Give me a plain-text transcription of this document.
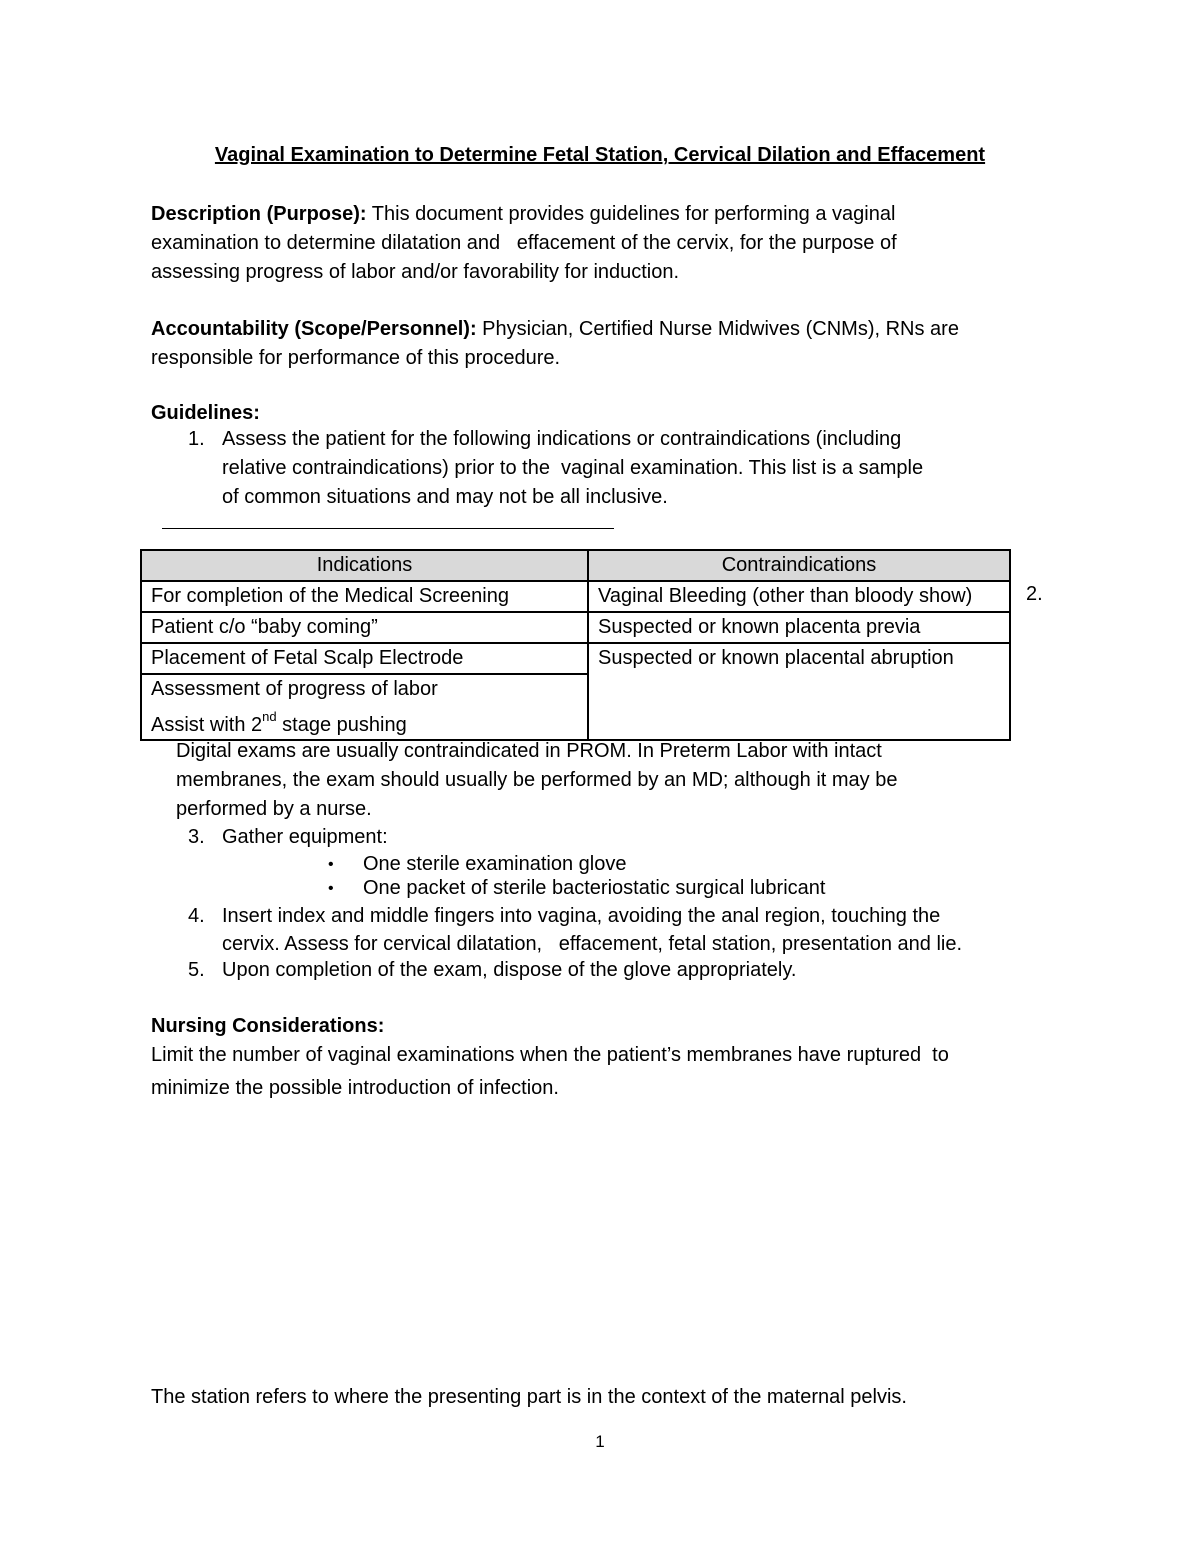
Vaginal Examination to Determine Fetal Station, Cervical Dilation and Effacement
Description (Purpose): This document provides guidelines for performing a vaginal
examination to determine dilatation and   effacement of the cervix, for the purpose of
assessing progress of labor and/or favorability for induction.
Accountability (Scope/Personnel): Physician, Certified Nurse Midwives (CNMs), RNs are
responsible for performance of this procedure.
Guidelines:
1. Assess the patient for the following indications or contraindications (including
relative contraindications) prior to the  vaginal examination. This list is a sample
of common situations and may not be all inclusive.
Indications	Contraindications
For completion of the Medical Screening	Vaginal Bleeding (other than bloody show)
Patient c/o “baby coming”	Suspected or known placenta previa
Placement of Fetal Scalp Electrode	Suspected or known placental abruption

Assessment of progress of labor
Assist with 2nd stage pushing	
2.
Digital exams are usually contraindicated in PROM. In Preterm Labor with intact
membranes, the exam should usually be performed by an MD; although it may be
performed by a nurse.
3. Gather equipment:
• One sterile examination glove
• One packet of sterile bacteriostatic surgical lubricant
4. Insert index and middle fingers into vagina, avoiding the anal region, touching the
cervix. Assess for cervical dilatation,   effacement, fetal station, presentation and lie.
5. Upon completion of the exam, dispose of the glove appropriately.
Nursing Considerations:
Limit the number of vaginal examinations when the patient’s membranes have ruptured  to
minimize the possible introduction of infection.
The station refers to where the presenting part is in the context of the maternal pelvis.
1
